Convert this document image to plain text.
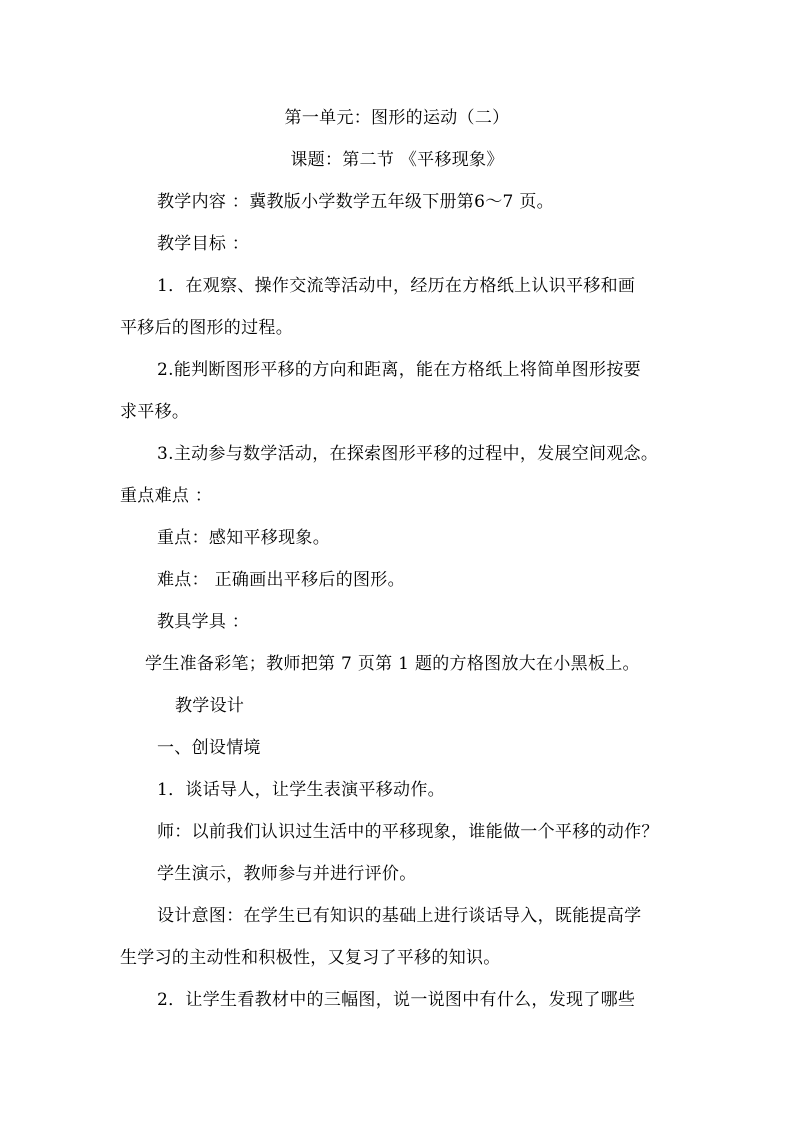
第一单元：图形的运动（二）
课题：第二节 《平移现象》
教学内容 ：冀教版小学数学五年级下册第6～7 页。
教学目标 ：
1．在观察、操作交流等活动中，经历在方格纸上认识平移和画
平移后的图形的过程。
2.能判断图形平移的方向和距离，能在方格纸上将简单图形按要
求平移。
3.主动参与数学活动，在探索图形平移的过程中，发展空间观念。
重点难点 ：
重点：感知平移现象。
难点： 正确画出平移后的图形。
教具学具 ：
学生准备彩笔；教师把第 7 页第 1 题的方格图放大在小黑板上。
教学设计
一、创设情境
1．谈话导人，让学生表演平移动作。
师：以前我们认识过生活中的平移现象，谁能做一个平移的动作？
学生演示，教师参与并进行评价。
设计意图：在学生已有知识的基础上进行谈话导入，既能提高学
生学习的主动性和积极性，又复习了平移的知识。
2．让学生看教材中的三幅图，说一说图中有什么，发现了哪些
